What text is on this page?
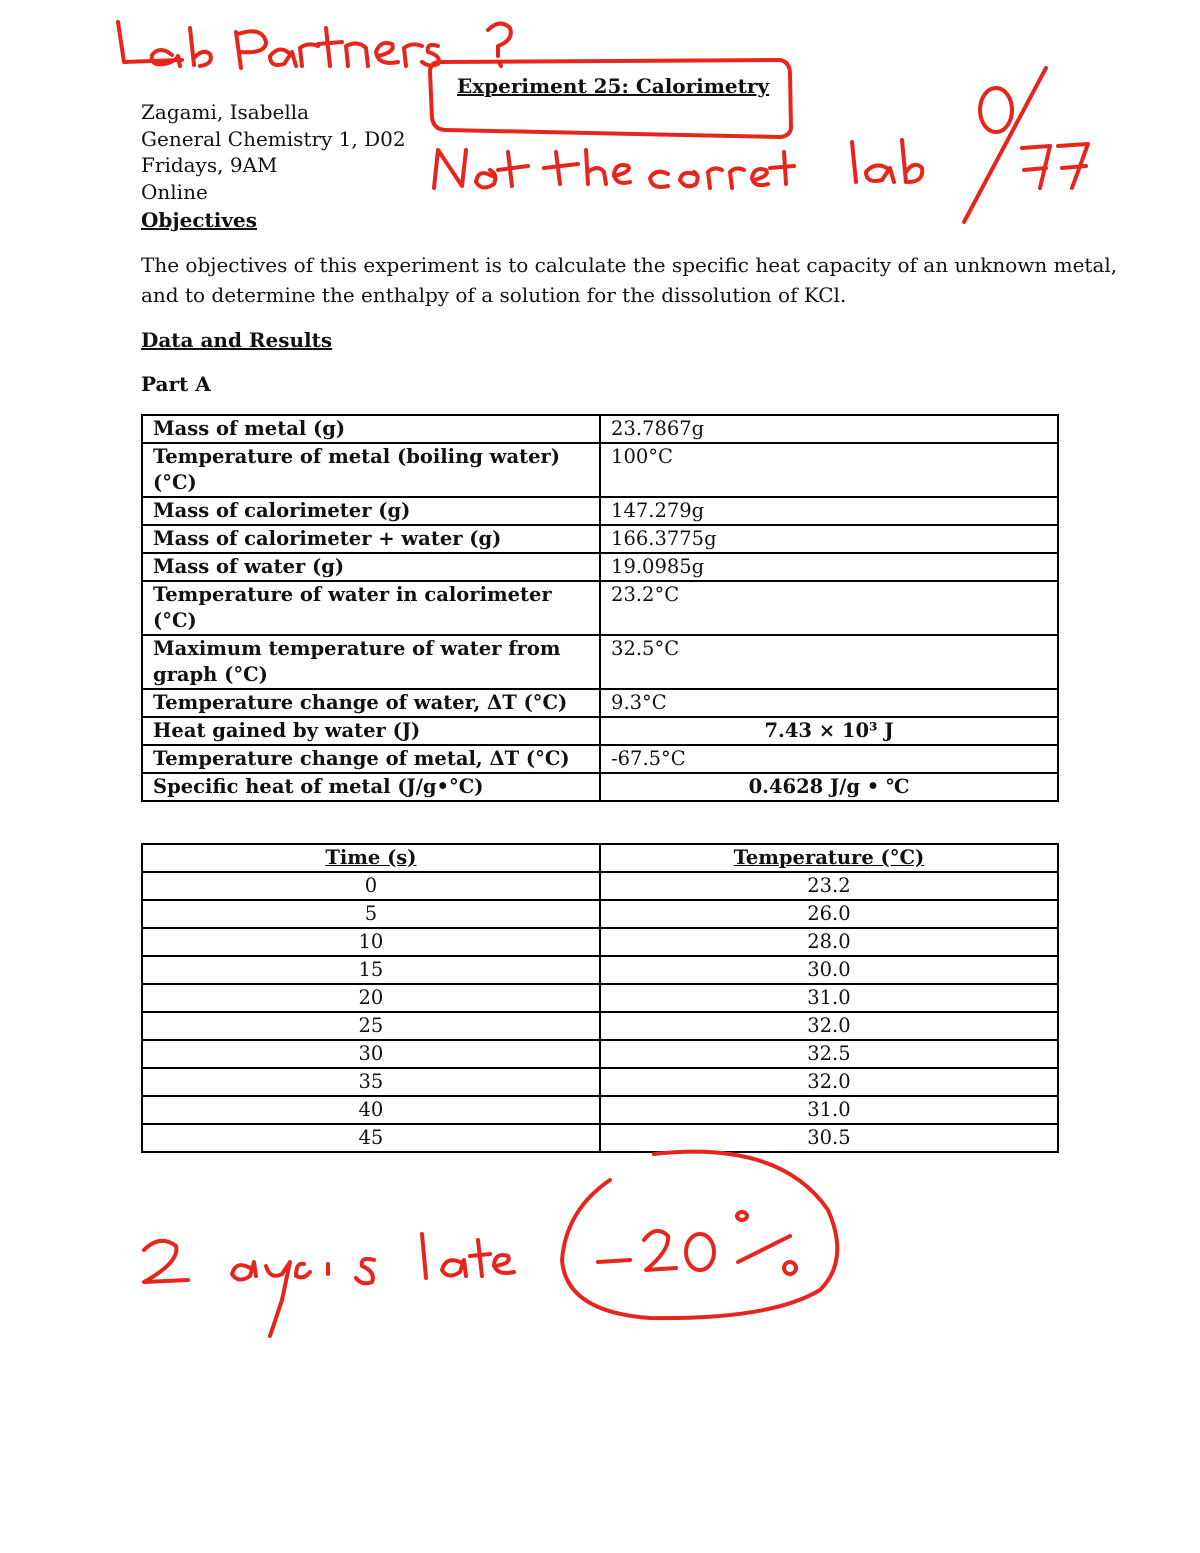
Experiment 25: Calorimetry
Zagami, Isabella
General Chemistry 1, D02
Fridays, 9AM
Online
Objectives
The objectives of this experiment is to calculate the specific heat capacity of an unknown metal,
and to determine the enthalpy of a solution for the dissolution of KCl.
Data and Results
Part A
Mass of metal (g)	23.7867g
Temperature of metal (boiling water) (°C)	100°C
Mass of calorimeter (g)	147.279g
Mass of calorimeter + water (g)	166.3775g
Mass of water (g)	19.0985g
Temperature of water in calorimeter (°C)	23.2°C
Maximum temperature of water from graph (°C)	32.5°C
Temperature change of water, ΔT (°C)	9.3°C
Heat gained by water (J)	7.43 × 10³ J
Temperature change of metal, ΔT (°C)	-67.5°C
Specific heat of metal (J/g•°C)	0.4628 J/g • ℃
Time (s)	Temperature (°C)
0	23.2
5	26.0
10	28.0
15	30.0
20	31.0
25	32.0
30	32.5
35	32.0
40	31.0
45	30.5
